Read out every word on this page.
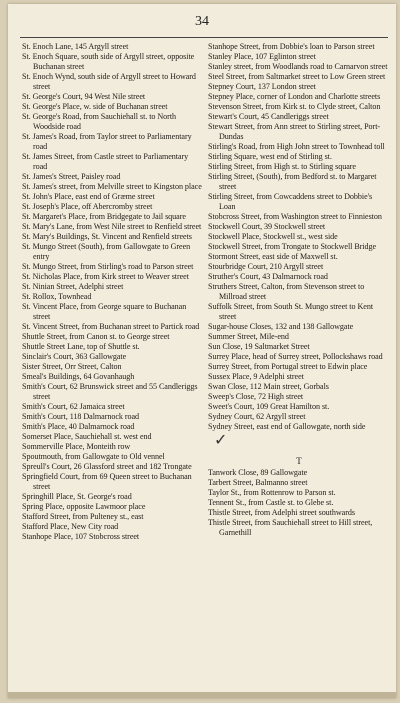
34
St. Enoch Lane, 145 Argyll street
St. Enoch Square, south side of Argyll street, opposite Buchanan street
St. Enoch Wynd, south side of Argyll street to Howard street
St. George's Court, 94 West Nile street
St. George's Place, w. side of Buchanan street
St. George's Road, from Sauchiehall st. to North Woodside road
St. James's Road, from Taylor street to Parliamentary road
St. James Street, from Castle street to Parliamentary road
St. James's Street, Paisley road
St. James's street, from Melville street to Kingston place
St. John's Place, east end of Græme street
St. Joseph's Place, off Abercromby street
St. Margaret's Place, from Bridgegate to Jail square
St. Mary's Lane, from West Nile street to Renfield street
St. Mary's Buildings, St. Vincent and Renfield streets
St. Mungo Street (South), from Gallowgate to Green entry
St. Mungo Street, from Stirling's road to Parson street
St. Nicholas Place, from Kirk street to Weaver street
St. Ninian Street, Adelphi street
St. Rollox, Townhead
St. Vincent Place, from George square to Buchanan street
St. Vincent Street, from Buchanan street to Partick road
Shuttle Street, from Canon st. to George street
Shuttle Street Lane, top of Shuttle st.
Sinclair's Court, 363 Gallowgate
Sister Street, Orr Street, Calton
Smeal's Buildings, 64 Govanhaugh
Smith's Court, 62 Brunswick street and 55 Candleriggs street
Smith's Court, 62 Jamaica street
Smith's Court, 118 Dalmarnock road
Smith's Place, 40 Dalmarnock road
Somerset Place, Sauchiehall st. west end
Sommerville Place, Monteith row
Spoutmouth, from Gallowgate to Old vennel
Spreull's Court, 26 Glassford street and 182 Trongate
Springfield Court, from 69 Queen street to Buchanan street
Springhill Place, St. George's road
Spring Place, opposite Lawmoor place
Stafford Street, from Pulteney st., east
Stafford Place, New City road
Stanhope Place, 107 Stobcross street
Stanhope Street, from Dobbie's loan to Parson street
Stanley Place, 107 Eglinton street
Stanley street, from Woodlands road to Carnarvon street
Steel Street, from Saltmarket street to Low Green street
Stepney Court, 137 London street
Stepney Place, corner of London and Charlotte streets
Stevenson Street, from Kirk st. to Clyde street, Calton
Stewart's Court, 45 Candleriggs street
Stewart Street, from Ann street to Stirling street, Port-Dundas
Stirling's Road, from High John street to Townhead toll
Stirling Square, west end of Stirling st.
Stirling Street, from High st. to Stirling square
Stirling Street, (South), from Bedford st. to Margaret street
Stirling Street, from Cowcaddens street to Dobbie's Loan
Stobcross Street, from Washington street to Finnieston
Stockwell Court, 39 Stockwell street
Stockwell Place, Stockwell st., west side
Stockwell Street, from Trongate to Stockwell Bridge
Stormont Street, east side of Maxwell st.
Stourbridge Court, 210 Argyll street
Struther's Court, 43 Dalmarnock road
Struthers Street, Calton, from Stevenson street to Millroad street
Suffolk Street, from South St. Mungo street to Kent street
Sugar-house Closes, 132 and 138 Gallowgate
Summer Street, Mile-end
Sun Close, 19 Saltmarket Street
Surrey Place, head of Surrey street, Pollockshaws road
Surrey Street, from Portugal street to Edwin place
Sussex Place, 9 Adelphi street
Swan Close, 112 Main street, Gorbals
Sweep's Close, 72 High street
Sweet's Court, 109 Great Hamilton st.
Sydney Court, 62 Argyll street
Sydney Street, east end of Gallowgate, north side
✓
T
Tanwork Close, 89 Gallowgate
Tarbert Street, Balmanno street
Taylor St., from Rottenrow to Parson st.
Tennent St., from Castle st. to Glebe st.
Thistle Street, from Adelphi street southwards
Thistle Street, from Sauchiehall street to Hill street, Garnethill
